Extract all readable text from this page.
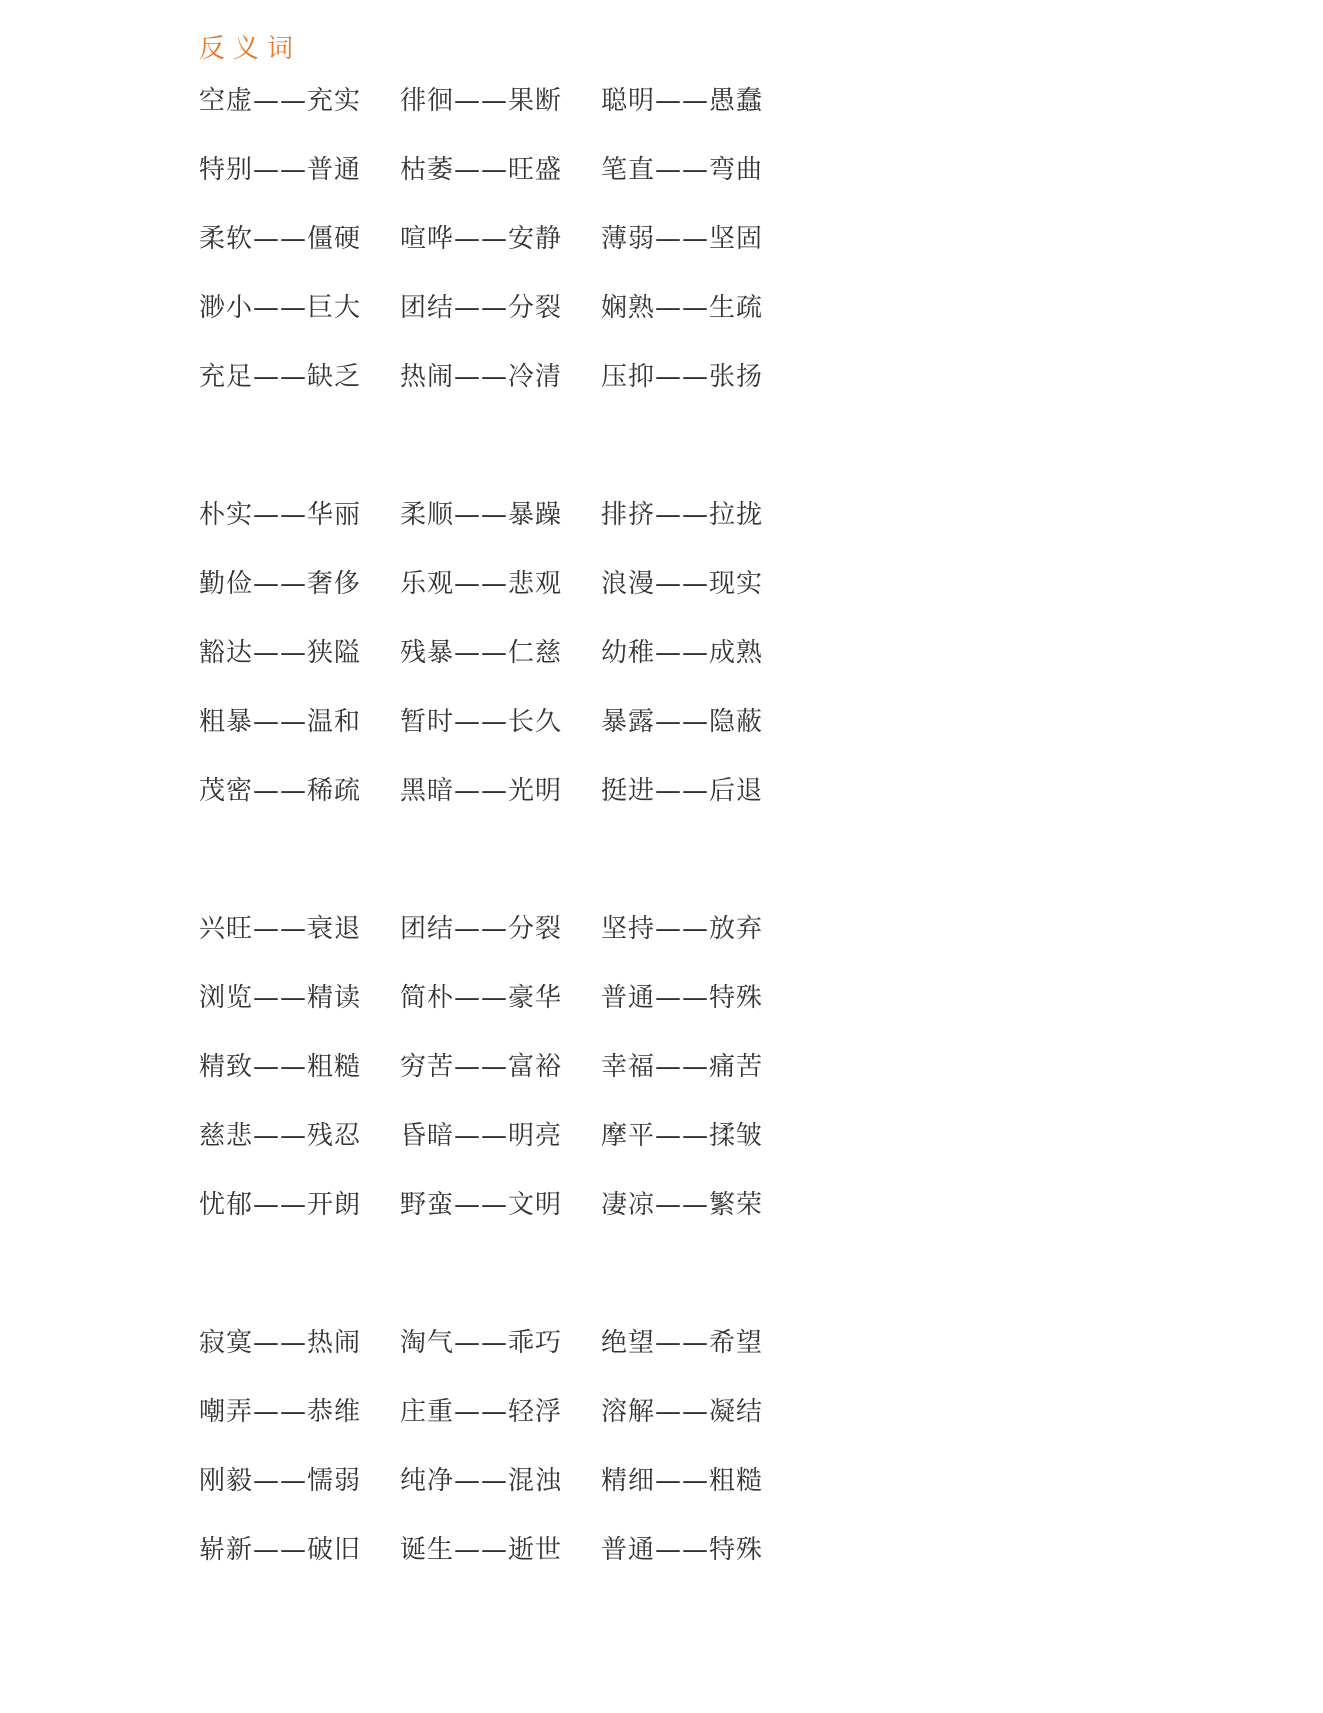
反义词
空虚——充实	徘徊——果断	聪明——愚蠢
特别——普通	枯萎——旺盛	笔直——弯曲
柔软——僵硬	喧哗——安静	薄弱——坚固
渺小——巨大	团结——分裂	娴熟——生疏
充足——缺乏	热闹——冷清	压抑——张扬
朴实——华丽	柔顺——暴躁	排挤——拉拢
勤俭——奢侈	乐观——悲观	浪漫——现实
豁达——狭隘	残暴——仁慈	幼稚——成熟
粗暴——温和	暂时——长久	暴露——隐蔽
茂密——稀疏	黑暗——光明	挺进——后退
兴旺——衰退	团结——分裂	坚持——放弃
浏览——精读	简朴——豪华	普通——特殊
精致——粗糙	穷苦——富裕	幸福——痛苦
慈悲——残忍	昏暗——明亮	摩平——揉皱
忧郁——开朗	野蛮——文明	凄凉——繁荣
寂寞——热闹	淘气——乖巧	绝望——希望
嘲弄——恭维	庄重——轻浮	溶解——凝结
刚毅——懦弱	纯净——混浊	精细——粗糙
崭新——破旧	诞生——逝世	普通——特殊
